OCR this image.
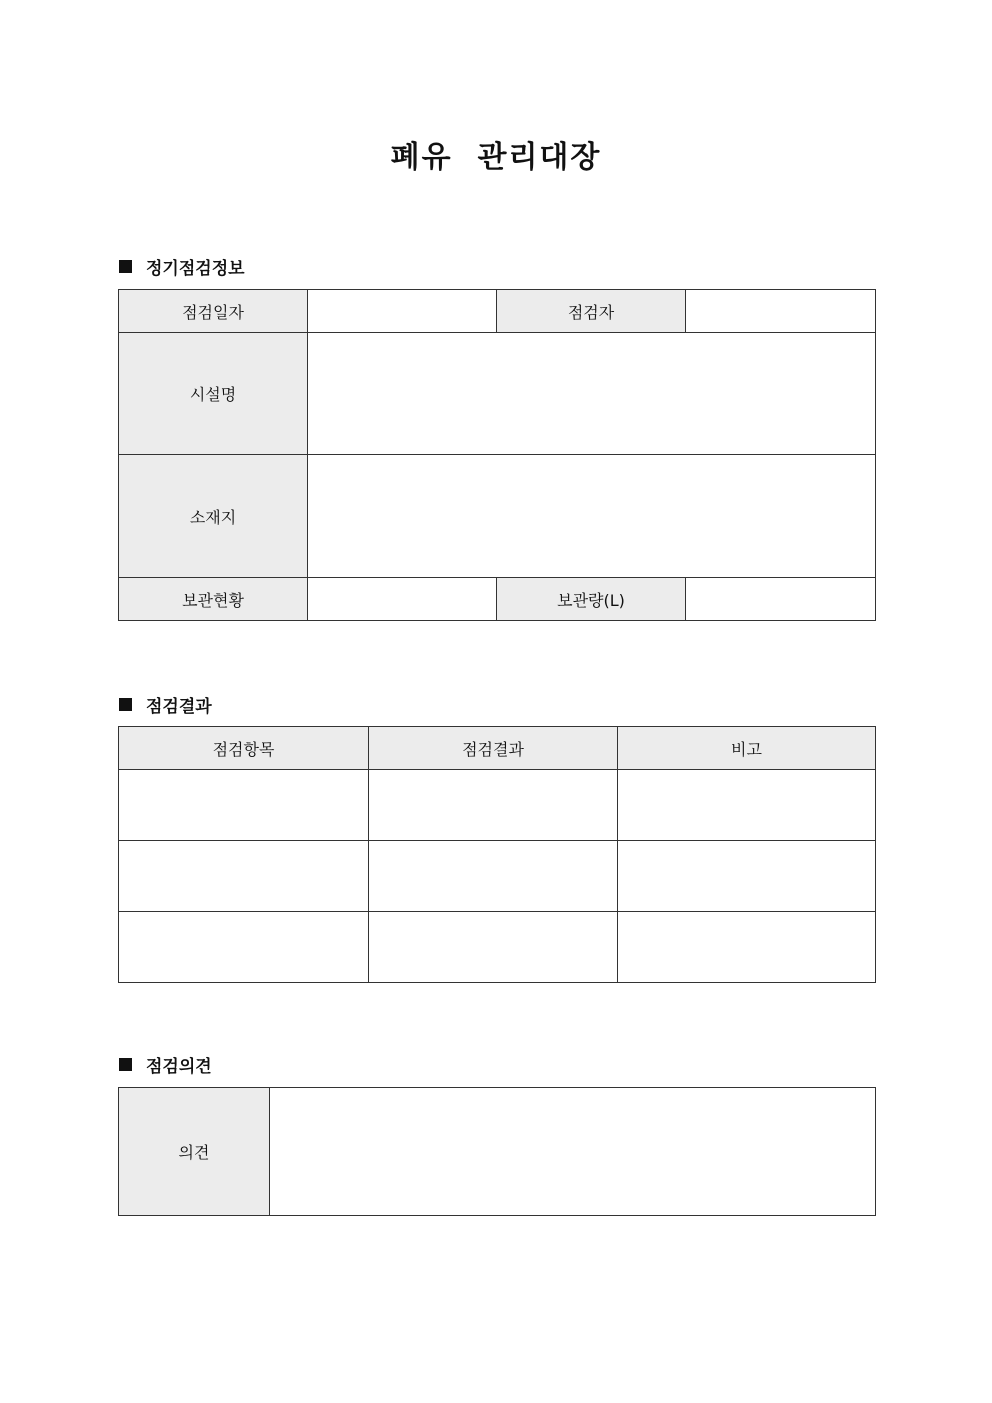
폐유  관리대장
정기점검정보
점검일자		점검자	
시설명			
소재지			
보관현황		보관량(L)	
점검결과
점검항목	점검결과	비고

점검의견
의견	
